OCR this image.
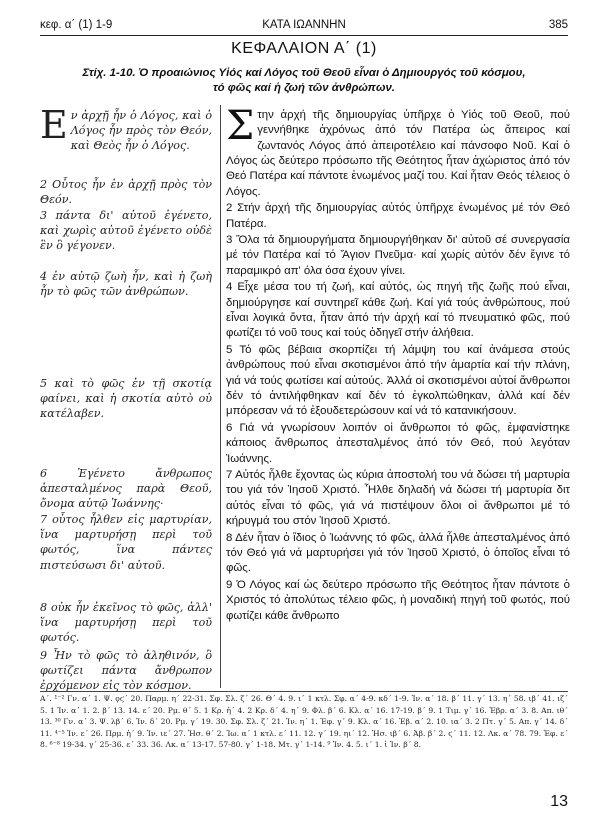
κεφ. α΄ (1) 1-9	ΚΑΤΑ ΙΩΑΝΝΗΝ	385
ΚΕΦΑΛΑΙΟΝ Α΄ (1)
Στίχ. 1-10. Ὁ προαιώνιος Υἱός καί Λόγος τοῦ Θεοῦ εἶναι ὁ Δημιουργός τοῦ κόσμου,
τό φῶς καί ἡ ζωή τῶν ἀνθρώπων.
Εν ἀρχῇ ἦν ὁ Λόγος, καὶ ὁ Λόγος ἦν πρὸς τὸν Θεόν, καὶ Θεὸς ἦν ὁ Λόγος.
2 Οὗτος ἦν ἐν ἀρχῇ πρὸς τὸν Θεόν.
3 πάντα δι' αὐτοῦ ἐγένετο, καὶ χωρὶς αὐτοῦ ἐγένετο οὐδὲ ἓν ὃ γέγονεν.
4 ἐν αὐτῷ ζωὴ ἦν, καὶ ἡ ζωὴ ἦν τὸ φῶς τῶν ἀνθρώπων.
5 καὶ τὸ φῶς ἐν τῇ σκοτίᾳ φαίνει, καὶ ἡ σκοτία αὐτὸ οὐ κατέλαβεν.
6 Ἐγένετο ἄνθρωπος ἀπεσταλμένος παρὰ Θεοῦ, ὄνομα αὐτῷ Ἰωάννης·
7 οὗτος ἦλθεν εἰς μαρτυρίαν, ἵνα μαρτυρήσῃ περὶ τοῦ φωτός, ἵνα πάντες πιστεύσωσι δι' αὐτοῦ.
8 οὐκ ἦν ἐκεῖνος τὸ φῶς, ἀλλ' ἵνα μαρτυρήσῃ περὶ τοῦ φωτός.
9 Ἦν τὸ φῶς τὸ ἀληθινόν, ὃ φωτίζει πάντα ἄνθρωπον ἐρχόμενον εἰς τὸν κόσμον.

Στην ἀρχή τῆς δημιουργίας ὑπῆρχε ὁ Υἱός τοῦ Θεοῦ, πού γεννήθηκε ἀχρόνως ἀπό τόν Πατέρα ὡς ἄπειρος καί ζωντανός Λόγος ἀπό ἀπειροτέλειο καί πάνσοφο Νοῦ. Καί ὁ Λόγος ὡς δεύτερο πρόσωπο τῆς Θεότητος ἦταν ἀχώριστος ἀπό τόν Θεό Πατέρα καί πάντοτε ἑνωμένος μαζί του. Καί ἦταν Θεός τέλειος ὁ Λόγος.

2 Στήν ἀρχή τῆς δημιουργίας αὐτός ὑπῆρχε ἑνωμένος μέ τόν Θεό Πατέρα.

3 Ὅλα τά δημιουργήματα δημιουργήθηκαν δι' αὐτοῦ σέ συνεργασία μέ τόν Πατέρα καί τό Ἅγιον Πνεῦμα· καί χωρίς αὐτόν δέν ἔγινε τό παραμικρό απ' όλα όσα έχουν γίνει.

4 Εἶχε μέσα του τή ζωή, καί αὐτός, ὡς πηγή τῆς ζωῆς πού εἶναι, δημιούργησε καί συντηρεῖ κάθε ζωή. Καί γιά τούς ἀνθρώπους, πού εἶναι λογικά ὄντα, ἦταν ἀπό τήν ἀρχή καί τό πνευματικό φῶς, πού φωτίζει τό νοῦ τους καί τούς ὁδηγεῖ στήν ἀλήθεια.

5 Τό φῶς βέβαια σκορπίζει τή λάμψη του καί ἀνάμεσα στούς ἀνθρώπους πού εἶναι σκοτισμένοι ἀπό τήν ἁμαρτία καί τήν πλάνη, γιά νά τούς φωτίσει καί αὐτούς. Ἀλλά οἱ σκοτισμένοι αὐτοί ἄνθρωποι δέν τό ἀντιλήφθηκαν καί δέν τό ἐγκολπώθηκαν, ἀλλά καί δέν μπόρεσαν νά τό ἐξουδετερώσουν καί νά τό κατανικήσουν.

6 Γιά νά γνωρίσουν λοιπόν οἱ ἄνθρωποι τό φῶς, ἐμφανίστηκε κάποιος ἄνθρωπος ἀπεσταλμένος ἀπό τόν Θεό, πού λεγόταν Ἰωάννης.

7 Αὐτός ἦλθε ἔχοντας ὡς κύρια ἀποστολή του νά δώσει τή μαρτυρία του γιά τόν Ἰησοῦ Χριστό. Ἦλθε δηλαδή νά δώσει τή μαρτυρία διτ αὐτός εἶναι τό φῶς, γιά νά πιστέψουν ὅλοι οἱ ἄνθρωποι μέ τό κήρυγμά του στόν Ἰησοῦ Χριστό.

8 Δέν ἦταν ὁ ἴδιος ὁ Ἰωάννης τό φῶς, ἀλλά ἦλθε ἀπεσταλμένος ἀπό τόν Θεό γιά νά μαρτυρήσει γιά τόν Ἰησοῦ Χριστό, ὁ ὁποῖος εἶναι τό φῶς.

9 Ὁ Λόγος καί ὡς δεύτερο πρόσωπο τῆς Θεότητος ἦταν πάντοτε ὁ Χριστός τό ἀπολύτως τέλειο φῶς, ἡ μοναδική πηγή τοῦ φωτός, πού φωτίζει κάθε ἄνθρωπο

Α΄. ¹⁻² Γν. α΄ 1. Ψ. ϙϛ΄ 20. Παρμ. η΄ 22-31. Σφ. Σλ. ζ΄ 26. Θ΄ 4. 9. ι΄ 1 κτλ. Σφ. α΄ 4-9. κδ΄ 1-9. Ἰν. α΄ 18. β΄ 11. γ΄ 13. η΄ 58. ιβ΄ 41. ιζ΄ 5. 1 Ἰν. α΄ 1. 2. β΄ 13. 14. ε΄ 20. Ρμ. θ΄ 5. 1 Κρ. ἡ΄ 4. 2 Κρ. δ΄ 4. η΄ 9. Φλ. β΄ 6. Κλ. α΄ 16. 17-19. β΄ 9. 1 Τιμ. γ΄ 16. Ἑβρ. α΄ 3. 8. Απ. ιθ΄ 13. ³⁰ Γν. α΄ 3. Ψ. λβ΄ 6. Ἰν. δ΄ 20. Ρμ. γ΄ 19. 30. Σφ. Σλ. ζ΄ 21. Ἰν. η΄ 1. Ἑφ. γ΄ 9. Κλ. α΄ 16. Ἑβ. α΄ 2. 10. ια΄ 3. 2 Πτ. γ΄ 5. Απ. γ΄ 14. δ΄ 11. ⁴⁻⁵ Ἰν. ε΄ 26. Πρμ. ἡ΄ 9. Ἰν. ιε΄ 27. Ἠσ. θ΄ 2. Ἰω. α΄ 1 κτλ. ε΄ 11. 12. γ΄ 19. ηι΄ 12. Ἠσ. ιβ΄ 6. Ἀβ. β΄ 2. ϛ΄ 11. 12. Λκ. α΄ 78. 79. Ἑφ. ε΄ 8. ⁶⁻⁸ 19-34. γ΄ 25-36. ε΄ 33. 36. Λκ. α΄ 13-17. 57-80. γ΄ 1-18. Μτ. γ΄ 1-14. ⁹ Ἰν. 4. 5. ι΄ 1. ἰ Ἰν. β΄ 8.
13
